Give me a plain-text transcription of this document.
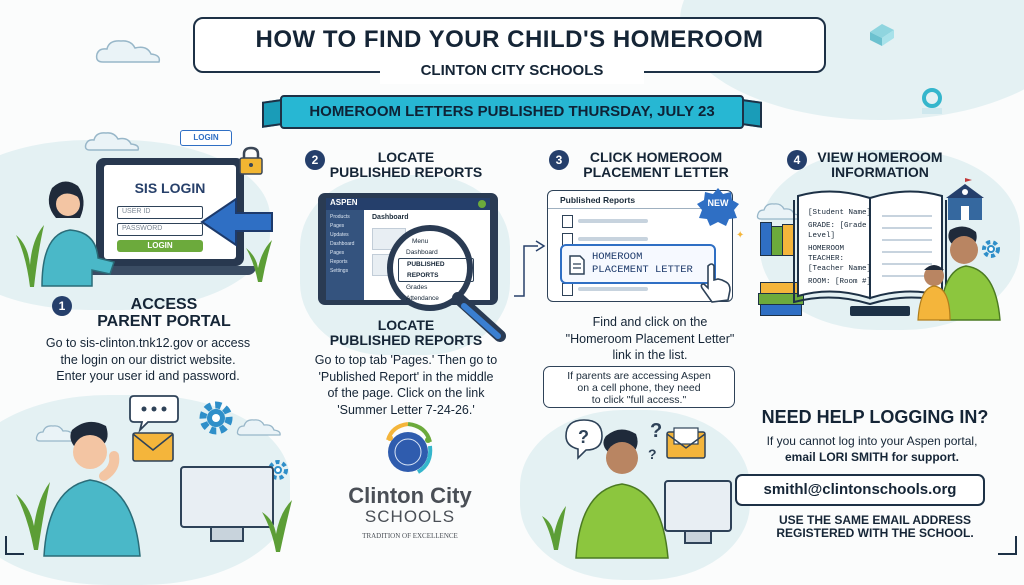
HOW TO FIND YOUR CHILD'S HOMEROOM
CLINTON CITY SCHOOLS
HOMEROOM LETTERS PUBLISHED THURSDAY, JULY 23
SIS LOGIN
USER ID
PASSWORD
LOGIN
LOGIN
1	ACCESS
PARENT PORTAL
Go to sis-clinton.tnk12.gov or access
the login on our district website.
Enter your user id and password.
2	LOCATE
PUBLISHED REPORTS
ASPEN
Products
Pages
Updates
Dashboard
Pages
Reports
Settings
Dashboard
Menu
Dashboard
PUBLISHED REPORTS
Grades
Attendance
LOCATE
PUBLISHED REPORTS
Go to top tab 'Pages.' Then go to
'Published Report' in the middle
of the page. Click on the link
'Summer Letter 7-24-26.'
Clinton City
SCHOOLS
TRADITION OF EXCELLENCE
3	CLICK HOMEROOM
PLACEMENT LETTER
Published Reports	NEW
HOMEROOM
PLACEMENT LETTER
✦
Find and click on the
"Homeroom Placement Letter"
link in the list.
If parents are accessing Aspen
on a cell phone, they need
to click "full access."
?	?
?
4	VIEW HOMEROOM
INFORMATION
[Student Name]
GRADE: [Grade Level]
HOMEROOM
TEACHER:
[Teacher Name]
ROOM: [Room #]
NEED HELP LOGGING IN?
If you cannot log into your Aspen portal,
email LORI SMITH for support.
smithl@clintonschools.org
USE THE SAME EMAIL ADDRESS
REGISTERED WITH THE SCHOOL.
